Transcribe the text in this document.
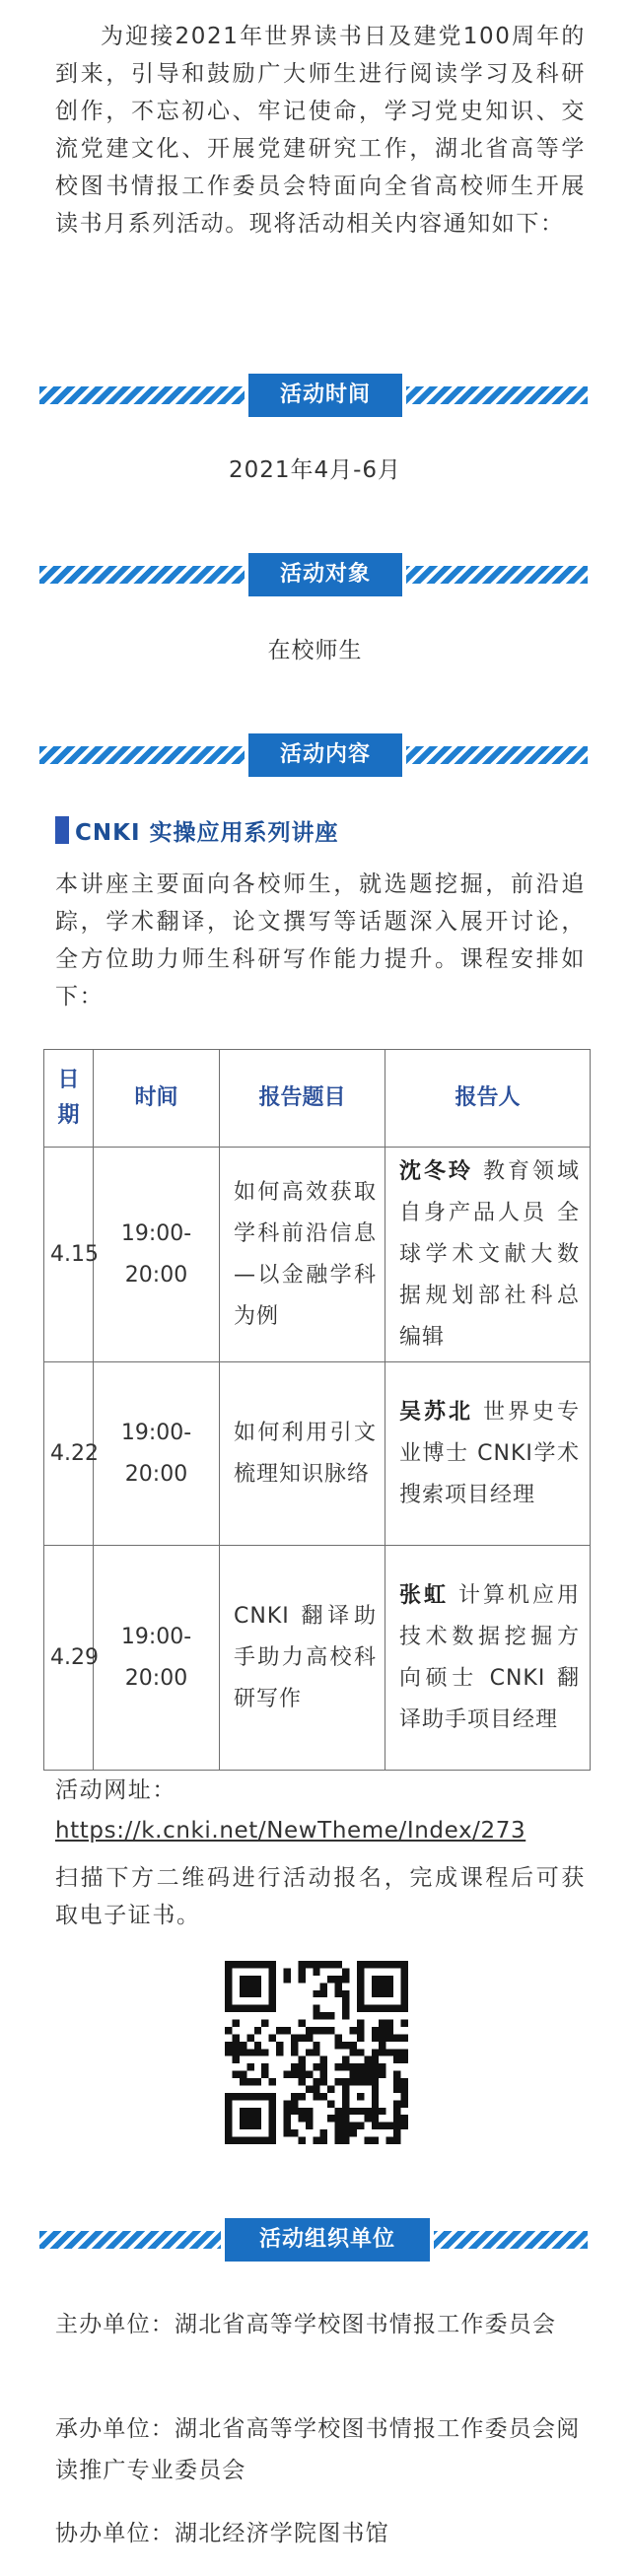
为迎接2021年世界读书日及建党100周年的到来，引导和鼓励广大师生进行阅读学习及科研创作，不忘初心、牢记使命，学习党史知识、交流党建文化、开展党建研究工作，湖北省高等学校图书情报工作委员会特面向全省高校师生开展读书月系列活动。现将活动相关内容通知如下：

活动时间
2021年4月-6月
活动对象
在校师生
活动内容
CNKI 实操应用系列讲座

本讲座主要面向各校师生，就选题挖掘，前沿追踪，学术翻译，论文撰写等话题深入展开讨论，全方位助力师生科研写作能力提升。课程安排如下：

日期	时间	报告题目	报告人
4.15	19:00-20:00	如何高效获取学科前沿信息—以金融学科为例	沈冬玲 教育领域自身产品人员 全球学术文献大数据规划部社科总编辑
4.22	19:00-20:00	如何利用引文梳理知识脉络	吴苏北 世界史专业博士 CNKI学术搜索项目经理
4.29	19:00-20:00	CNKI 翻译助手助力高校科研写作	张虹 计算机应用技术数据挖掘方向硕士 CNKI 翻译助手项目经理

活动网址：

https://k.cnki.net/NewTheme/Index/273

扫描下方二维码进行活动报名，完成课程后可获取电子证书。

活动组织单位

主办单位：湖北省高等学校图书情报工作委员会

承办单位：湖北省高等学校图书情报工作委员会阅读推广专业委员会

协办单位：湖北经济学院图书馆
